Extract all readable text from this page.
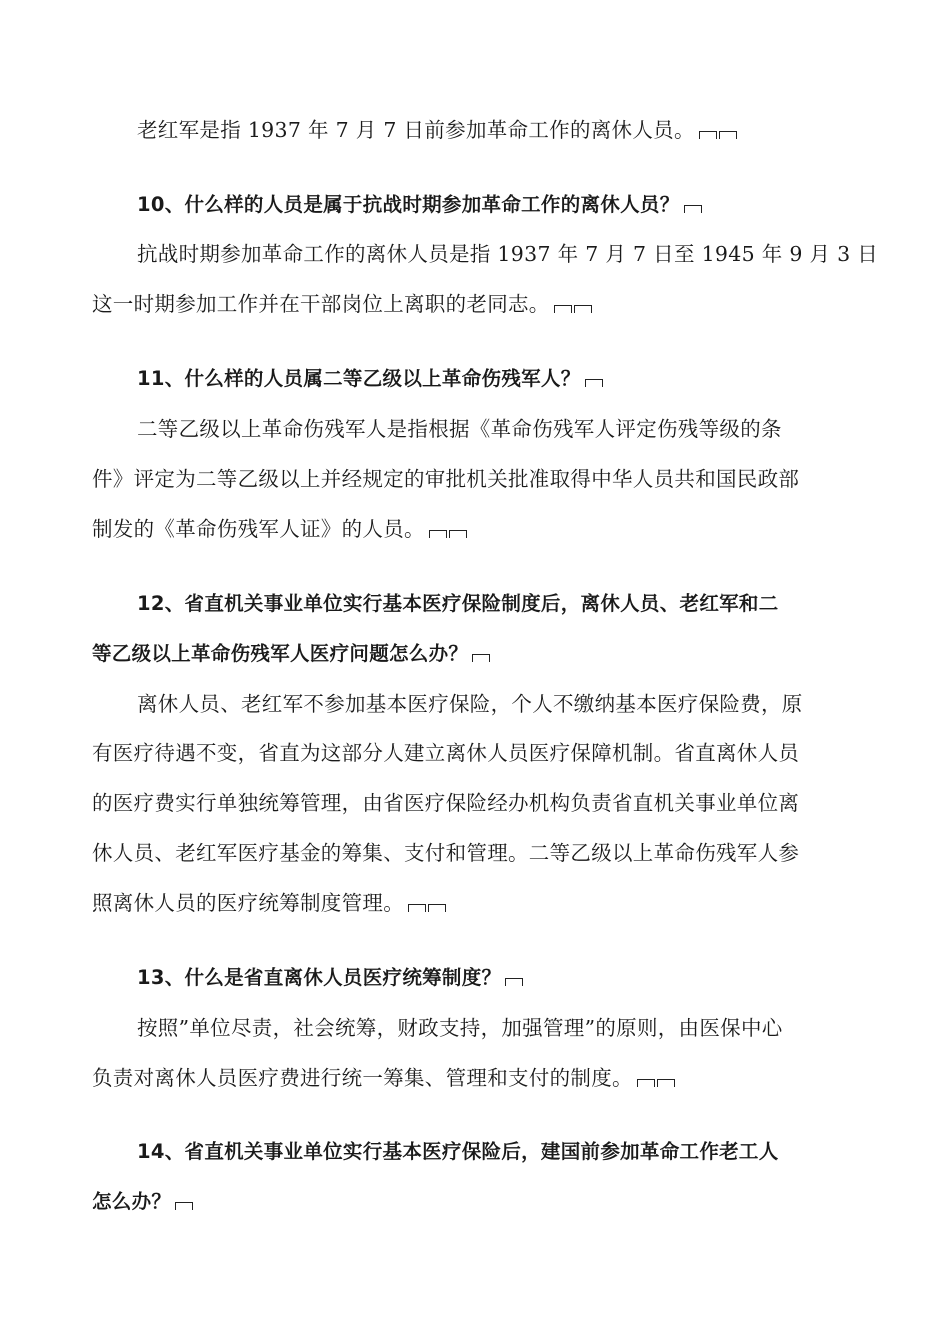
老红军是指 1937 年 7 月 7 日前参加革命工作的离休人员。
10、什么样的人员是属于抗战时期参加革命工作的离休人员？
抗战时期参加革命工作的离休人员是指 1937 年 7 月 7 日至 1945 年 9 月 3 日
这一时期参加工作并在干部岗位上离职的老同志。
11、什么样的人员属二等乙级以上革命伤残军人？
二等乙级以上革命伤残军人是指根据《革命伤残军人评定伤残等级的条
件》评定为二等乙级以上并经规定的审批机关批准取得中华人员共和国民政部
制发的《革命伤残军人证》的人员。
12、省直机关事业单位实行基本医疗保险制度后，离休人员、老红军和二
等乙级以上革命伤残军人医疗问题怎么办？
离休人员、老红军不参加基本医疗保险，个人不缴纳基本医疗保险费，原
有医疗待遇不变，省直为这部分人建立离休人员医疗保障机制。省直离休人员
的医疗费实行单独统筹管理，由省医疗保险经办机构负责省直机关事业单位离
休人员、老红军医疗基金的筹集、支付和管理。二等乙级以上革命伤残军人参
照离休人员的医疗统筹制度管理。
13、什么是省直离休人员医疗统筹制度？
按照”单位尽责，社会统筹，财政支持，加强管理”的原则，由医保中心
负责对离休人员医疗费进行统一筹集、管理和支付的制度。
14、省直机关事业单位实行基本医疗保险后，建国前参加革命工作老工人
怎么办？
